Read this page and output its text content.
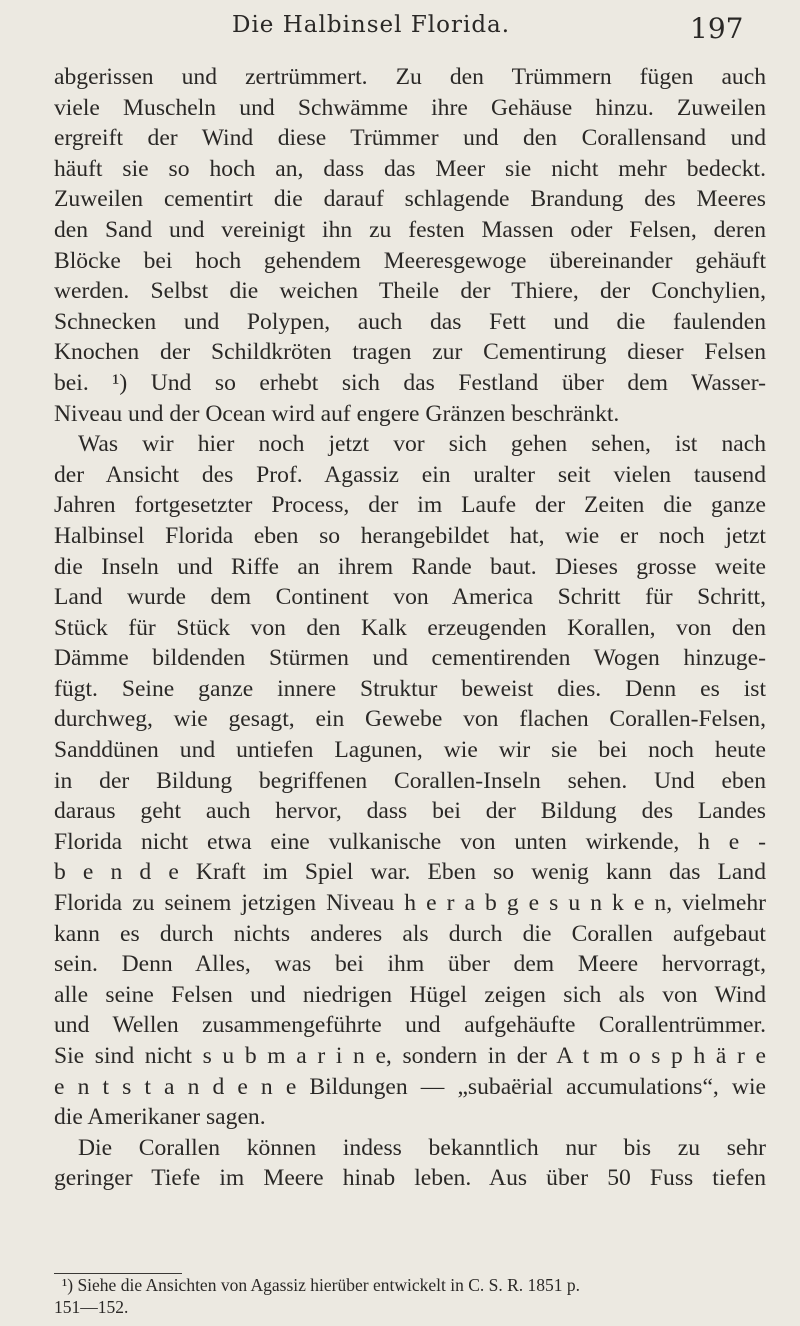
Die Halbinsel Florida.	197
abgerissen und zertrümmert. Zu den Trümmern fügen auch
viele Muscheln und Schwämme ihre Gehäuse hinzu. Zuweilen
ergreift der Wind diese Trümmer und den Corallensand und
häuft sie so hoch an, dass das Meer sie nicht mehr bedeckt.
Zuweilen cementirt die darauf schlagende Brandung des Meeres
den Sand und vereinigt ihn zu festen Massen oder Felsen, deren
Blöcke bei hoch gehendem Meeresgewoge übereinander gehäuft
werden. Selbst die weichen Theile der Thiere, der Conchylien,
Schnecken und Polypen, auch das Fett und die faulenden
Knochen der Schildkröten tragen zur Cementirung dieser Felsen
bei. ¹) Und so erhebt sich das Festland über dem Wasser-
Niveau und der Ocean wird auf engere Gränzen beschränkt.
Was wir hier noch jetzt vor sich gehen sehen, ist nach
der Ansicht des Prof. Agassiz ein uralter seit vielen tausend
Jahren fortgesetzter Process, der im Laufe der Zeiten die ganze
Halbinsel Florida eben so herangebildet hat, wie er noch jetzt
die Inseln und Riffe an ihrem Rande baut. Dieses grosse weite
Land wurde dem Continent von America Schritt für Schritt,
Stück für Stück von den Kalk erzeugenden Korallen, von den
Dämme bildenden Stürmen und cementirenden Wogen hinzuge-
fügt. Seine ganze innere Struktur beweist dies. Denn es ist
durchweg, wie gesagt, ein Gewebe von flachen Corallen-Felsen,
Sanddünen und untiefen Lagunen, wie wir sie bei noch heute
in der Bildung begriffenen Corallen-Inseln sehen. Und eben
daraus geht auch hervor, dass bei der Bildung des Landes
Florida nicht etwa eine vulkanische von unten wirkende, h e -
b e n d e Kraft im Spiel war. Eben so wenig kann das Land
Florida zu seinem jetzigen Niveau h e r a b g e s u n k e n, vielmehr
kann es durch nichts anderes als durch die Corallen aufgebaut
sein. Denn Alles, was bei ihm über dem Meere hervorragt,
alle seine Felsen und niedrigen Hügel zeigen sich als von Wind
und Wellen zusammengeführte und aufgehäufte Corallentrümmer.
Sie sind nicht s u b m a r i n e, sondern in der A t m o s p h ä r e
e n t s t a n d e n e Bildungen — „subaërial accumulations“, wie
die Amerikaner sagen.
Die Corallen können indess bekanntlich nur bis zu sehr
geringer Tiefe im Meere hinab leben. Aus über 50 Fuss tiefen
¹) Siehe die Ansichten von Agassiz hierüber entwickelt in C. S. R. 1851 p.
151—152.
